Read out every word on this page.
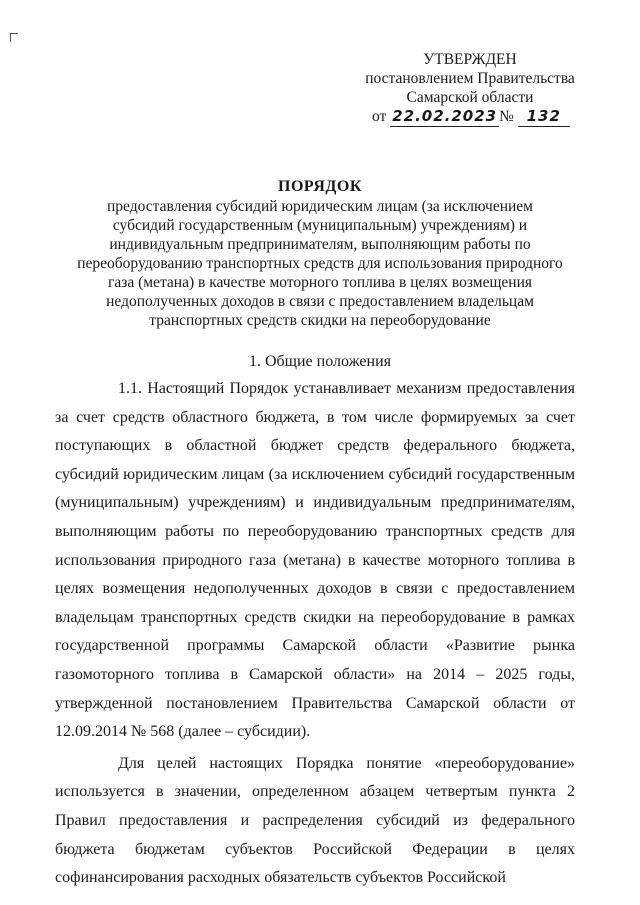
УТВЕРЖДЕН
постановлением Правительства
Самарской области
от 22.02.2023 № 132
ПОРЯДОК
предоставления субсидий юридическим лицам (за исключением субсидий государственным (муниципальным) учреждениям) и индивидуальным предпринимателям, выполняющим работы по переоборудованию транспортных средств для использования природного газа (метана) в качестве моторного топлива в целях возмещения недополученных доходов в связи с предоставлением владельцам транспортных средств скидки на переоборудование
1. Общие положения

1.1. Настоящий Порядок устанавливает механизм предоставления за счет средств областного бюджета, в том числе формируемых за счет поступающих в областной бюджет средств федерального бюджета, субсидий юридическим лицам (за исключением субсидий государственным (муниципальным) учреждениям) и индивидуальным предпринимателям, выполняющим работы по переоборудованию транспортных средств для использования природного газа (метана) в качестве моторного топлива в целях возмещения недополученных доходов в связи с предоставлением владельцам транспортных средств скидки на переоборудование в рамках государственной программы Самарской области «Развитие рынка газомоторного топлива в Самарской области» на 2014 – 2025 годы, утвержденной постановлением Правительства Самарской области от 12.09.2014 № 568 (далее – субсидии).

Для целей настоящих Порядка понятие «переоборудование» используется в значении, определенном абзацем четвертым пункта 2 Правил предоставления и распределения субсидий из федерального бюджета бюджетам субъектов Российской Федерации в целях софинансирования расходных обязательств субъектов Российской
